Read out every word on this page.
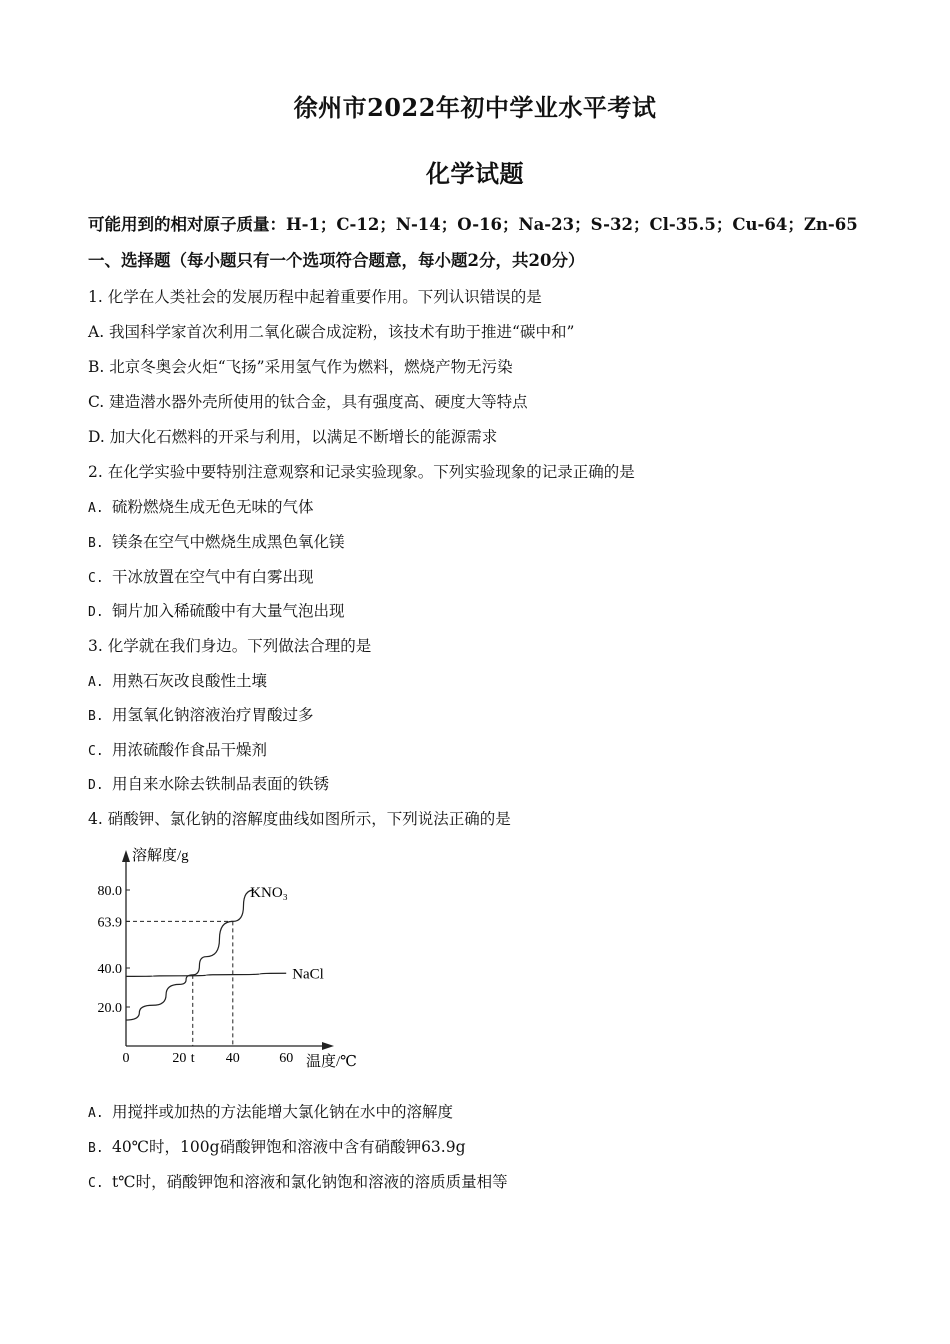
徐州市2022年初中学业水平考试
化学试题
可能用到的相对原子质量：H-1；C-12；N-14；O-16；Na-23；S-32；Cl-35.5；Cu-64；Zn-65
一、选择题（每小题只有一个选项符合题意，每小题2分，共20分）
1. 化学在人类社会的发展历程中起着重要作用。下列认识错误的是
A. 我国科学家首次利用二氧化碳合成淀粉，该技术有助于推进“碳中和”
B. 北京冬奥会火炬“飞扬”采用氢气作为燃料，燃烧产物无污染
C. 建造潜水器外壳所使用的钛合金，具有强度高、硬度大等特点
D. 加大化石燃料的开采与利用，以满足不断增长的能源需求
2. 在化学实验中要特别注意观察和记录实验现象。下列实验现象的记录正确的是
A. 硫粉燃烧生成无色无味的气体
B. 镁条在空气中燃烧生成黑色氧化镁
C. 干冰放置在空气中有白雾出现
D. 铜片加入稀硫酸中有大量气泡出现
3. 化学就在我们身边。下列做法合理的是
A. 用熟石灰改良酸性土壤
B. 用氢氧化钠溶液治疗胃酸过多
C. 用浓硫酸作食品干燥剂
D. 用自来水除去铁制品表面的铁锈
4. 硝酸钾、氯化钠的溶解度曲线如图所示，下列说法正确的是
溶解度/g
温度/℃
20.0
40.0
63.9
80.0
0	20 t 40	60
KNO₃
NaCl
A. 用搅拌或加热的方法能增大氯化钠在水中的溶解度
B. 40℃时，100g硝酸钾饱和溶液中含有硝酸钾63.9g
C. t℃时，硝酸钾饱和溶液和氯化钠饱和溶液的溶质质量相等
